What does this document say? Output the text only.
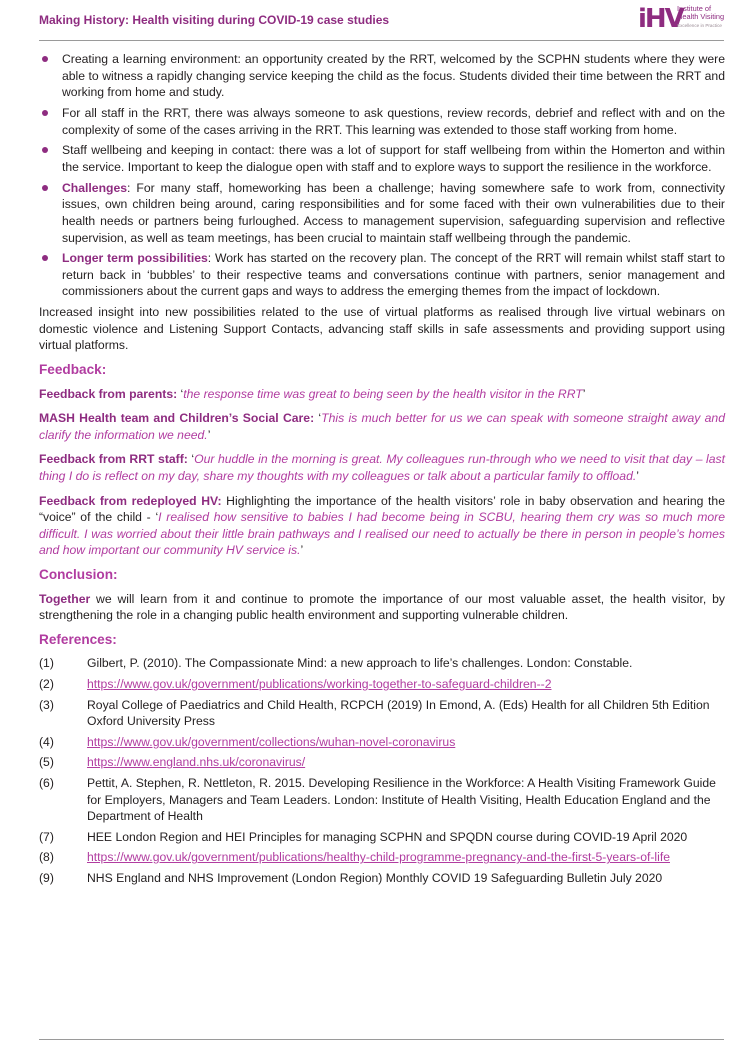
Making History: Health visiting during COVID-19 case studies	iHV
Institute of
Health Visiting
Excellence in Practice
Creating a learning environment: an opportunity created by the RRT, welcomed by the SCPHN students where they were able to witness a rapidly changing service keeping the child as the focus. Students divided their time between the RRT and working from home and study.
For all staff in the RRT, there was always someone to ask questions, review records, debrief and reflect with and on the complexity of some of the cases arriving in the RRT. This learning was extended to those staff working from home.
Staff wellbeing and keeping in contact: there was a lot of support for staff wellbeing from within the Homerton and within the service. Important to keep the dialogue open with staff and to explore ways to support the resilience in the workforce.
Challenges: For many staff, homeworking has been a challenge; having somewhere safe to work from, connectivity issues, own children being around, caring responsibilities and for some faced with their own vulnerabilities due to their health needs or partners being furloughed. Access to management supervision, safeguarding supervision and reflective supervision, as well as team meetings, has been crucial to maintain staff wellbeing through the pandemic.
Longer term possibilities: Work has started on the recovery plan. The concept of the RRT will remain whilst staff start to return back in ‘bubbles’ to their respective teams and conversations continue with partners, senior management and commissioners about the current gaps and ways to address the emerging themes from the impact of lockdown.

Increased insight into new possibilities related to the use of virtual platforms as realised through live virtual webinars on domestic violence and Listening Support Contacts, advancing staff skills in safe assessments and providing support using virtual platforms.

Feedback:

Feedback from parents: ‘the response time was great to being seen by the health visitor in the RRT’

MASH Health team and Children’s Social Care: ‘This is much better for us we can speak with someone straight away and clarify the information we need.’

Feedback from RRT staff: ‘Our huddle in the morning is great. My colleagues run-through who we need to visit that day – last thing I do is reflect on my day, share my thoughts with my colleagues or talk about a particular family to offload.’

Feedback from redeployed HV: Highlighting the importance of the health visitors’ role in baby observation and hearing the “voice” of the child - ‘I realised how sensitive to babies I had become being in SCBU, hearing them cry was so much more difficult. I was worried about their little brain pathways and I realised our need to actually be there in person in people’s homes and how important our community HV service is.’

Conclusion:

Together we will learn from it and continue to promote the importance of our most valuable asset, the health visitor, by strengthening the role in a changing public health environment and supporting vulnerable children.

References:
(1)	Gilbert, P. (2010). The Compassionate Mind: a new approach to life’s challenges. London: Constable.
(2)	https://www.gov.uk/government/publications/working-together-to-safeguard-children--2
(3)	Royal College of Paediatrics and Child Health, RCPCH (2019) In Emond, A. (Eds) Health for all Children 5th Edition Oxford University Press
(4)	https://www.gov.uk/government/collections/wuhan-novel-coronavirus
(5)	https://www.england.nhs.uk/coronavirus/
(6)	Pettit, A. Stephen, R. Nettleton, R. 2015. Developing Resilience in the Workforce: A Health Visiting Framework Guide for Employers, Managers and Team Leaders. London: Institute of Health Visiting, Health Education England and the Department of Health
(7)	HEE London Region and HEI Principles for managing SCPHN and SPQDN course during COVID-19 April 2020
(8)	https://www.gov.uk/government/publications/healthy-child-programme-pregnancy-and-the-first-5-years-of-life
(9)	NHS England and NHS Improvement (London Region) Monthly COVID 19 Safeguarding Bulletin July 2020
